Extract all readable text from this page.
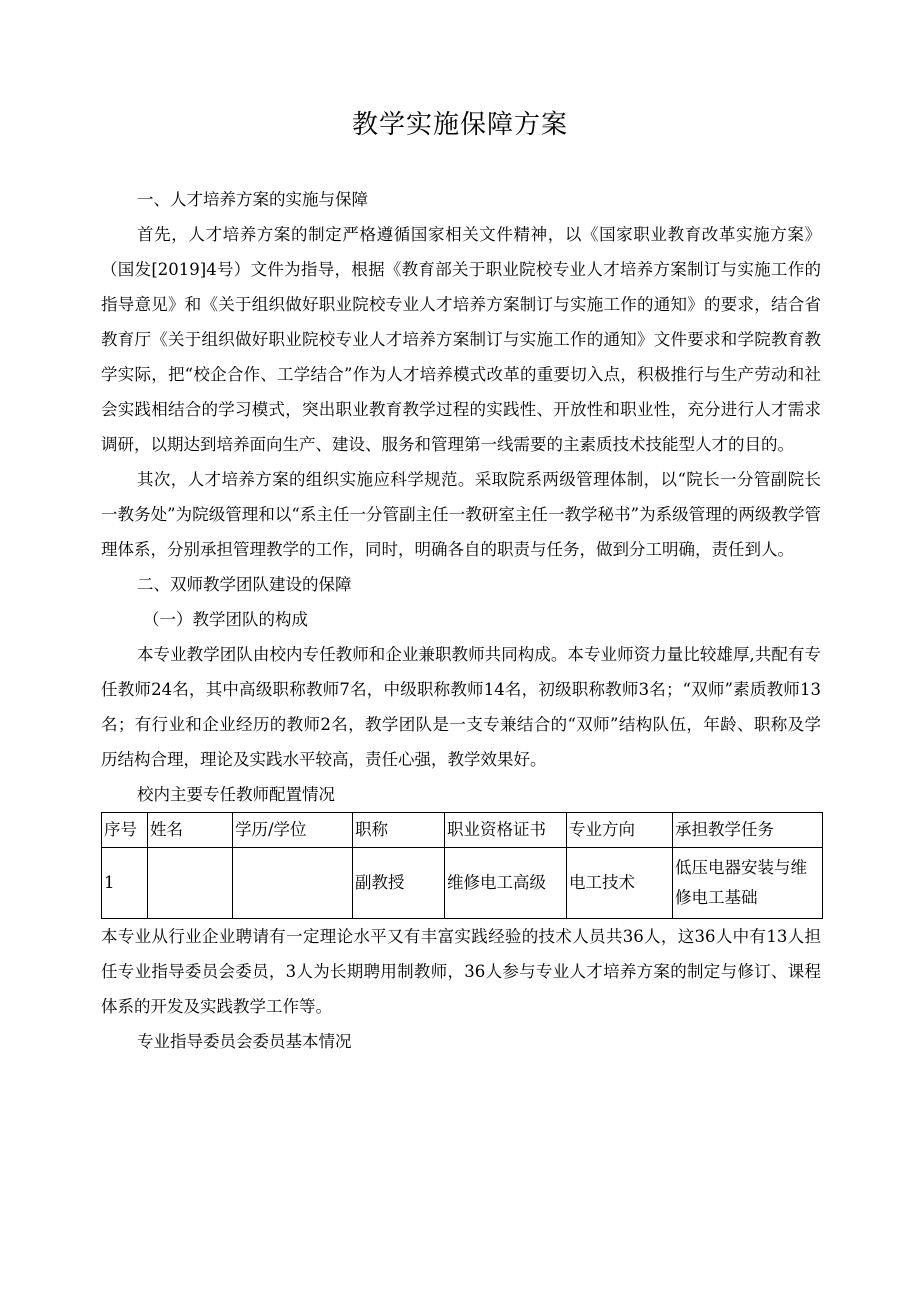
教学实施保障方案

一、人才培养方案的实施与保障

首先，人才培养方案的制定严格遵循国家相关文件精神，以《国家职业教育改革实施方案》（国发[2019]4号）文件为指导，根据《教育部关于职业院校专业人才培养方案制订与实施工作的指导意见》和《关于组织做好职业院校专业人才培养方案制订与实施工作的通知》的要求，结合省教育厅《关于组织做好职业院校专业人才培养方案制订与实施工作的通知》文件要求和学院教育教学实际，把“校企合作、工学结合”作为人才培养模式改革的重要切入点，积极推行与生产劳动和社会实践相结合的学习模式，突出职业教育教学过程的实践性、开放性和职业性，充分进行人才需求调研，以期达到培养面向生产、建设、服务和管理第一线需要的主素质技术技能型人才的目的。

其次，人才培养方案的组织实施应科学规范。采取院系两级管理体制，以“院长一分管副院长一教务处”为院级管理和以“系主任一分管副主任一教研室主任一教学秘书”为系级管理的两级教学管理体系，分别承担管理教学的工作，同时，明确各自的职责与任务，做到分工明确，责任到人。

二、双师教学团队建设的保障

（一）教学团队的构成

本专业教学团队由校内专任教师和企业兼职教师共同构成。本专业师资力量比较雄厚,共配有专任教师24名，其中高级职称教师7名，中级职称教师14名，初级职称教师3名；“双师”素质教师13名；有行业和企业经历的教师2名，教学团队是一支专兼结合的“双师”结构队伍，年龄、职称及学历结构合理，理论及实践水平较高，责任心强，教学效果好。

校内主要专任教师配置情况

序号	姓名	学历/学位	职称	职业资格证书	专业方向	承担教学任务
1			副教授	维修电工高级	电工技术	低压电器安装与维修电工基础

本专业从行业企业聘请有一定理论水平又有丰富实践经验的技术人员共36人，这36人中有13人担任专业指导委员会委员，3人为长期聘用制教师，36人参与专业人才培养方案的制定与修订、课程体系的开发及实践教学工作等。

专业指导委员会委员基本情况
